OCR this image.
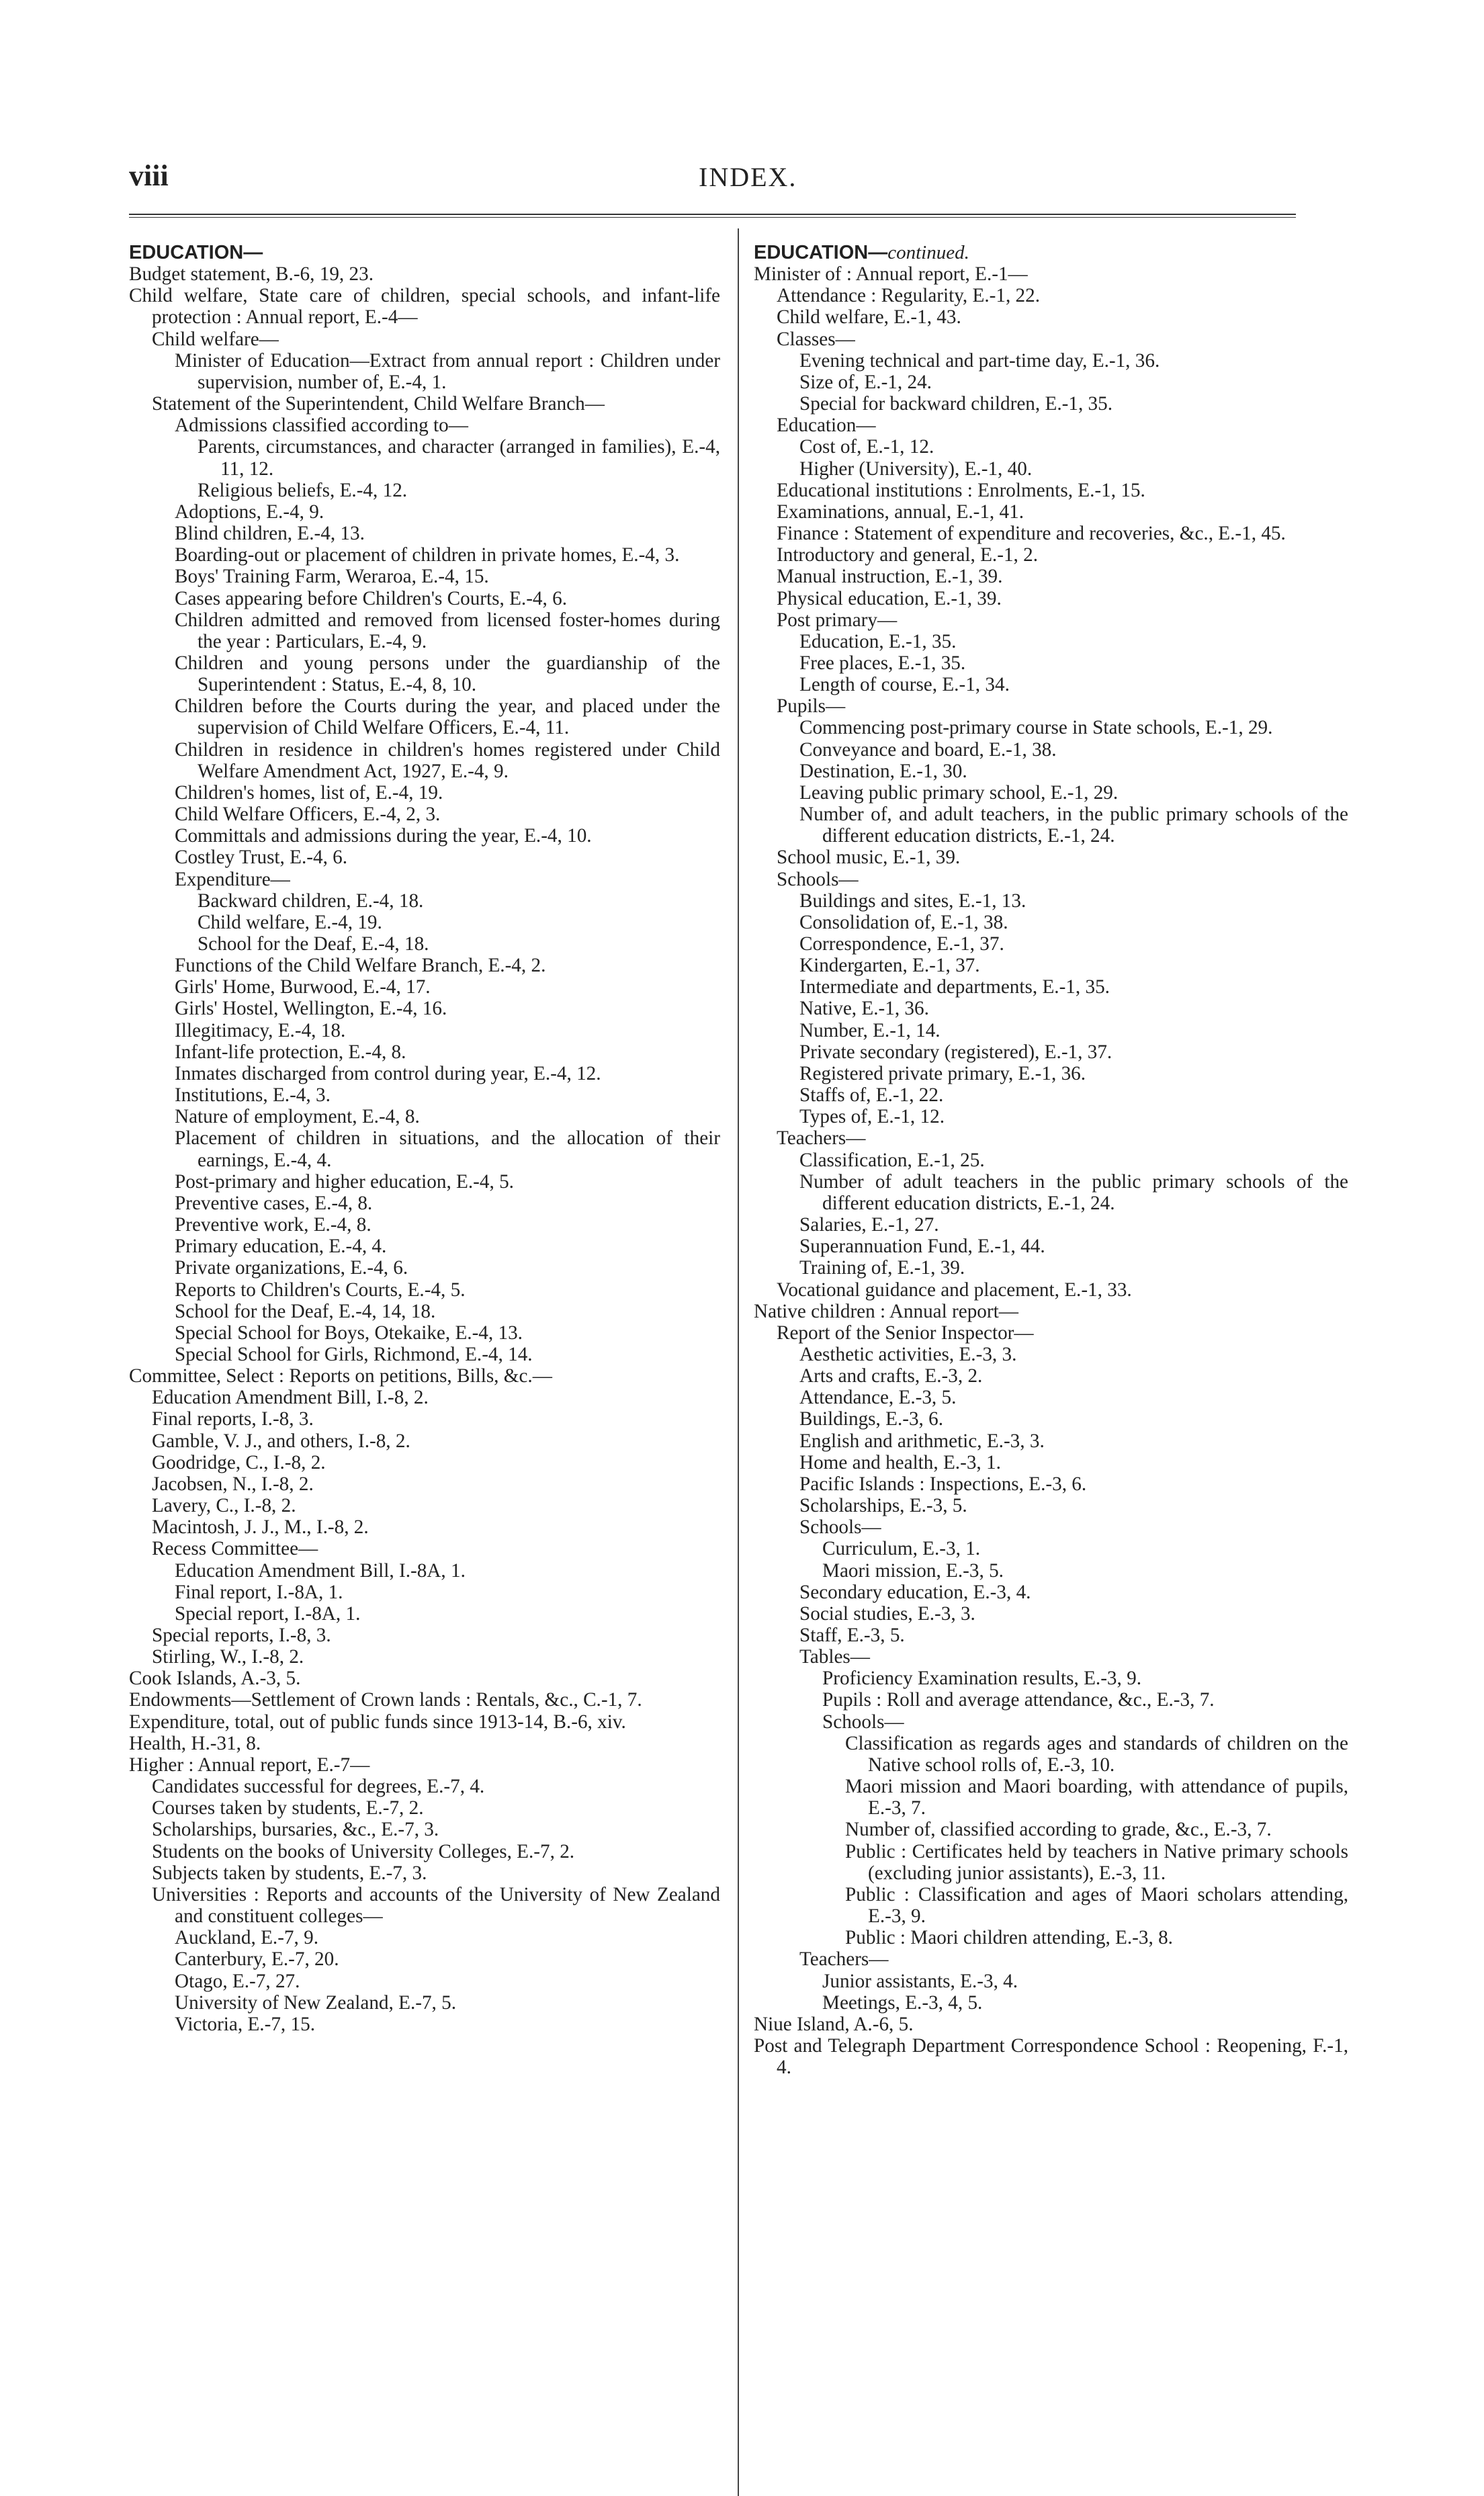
viii	INDEX.
EDUCATION—
Budget statement, B.-6, 19, 23.
Child welfare, State care of children, special schools, and infant-life protection : Annual report, E.-4—
Child welfare—
Minister of Education—Extract from annual report : Children under supervision, number of, E.-4, 1.
Statement of the Superintendent, Child Welfare Branch—
Admissions classified according to—
Parents, circumstances, and character (arranged in families), E.-4, 11, 12.
Religious beliefs, E.-4, 12.
Adoptions, E.-4, 9.
Blind children, E.-4, 13.
Boarding-out or placement of children in private homes, E.-4, 3.
Boys' Training Farm, Weraroa, E.-4, 15.
Cases appearing before Children's Courts, E.-4, 6.
Children admitted and removed from licensed foster-homes during the year : Particulars, E.-4, 9.
Children and young persons under the guardianship of the Superintendent : Status, E.-4, 8, 10.
Children before the Courts during the year, and placed under the supervision of Child Welfare Officers, E.-4, 11.
Children in residence in children's homes registered under Child Welfare Amendment Act, 1927, E.-4, 9.
Children's homes, list of, E.-4, 19.
Child Welfare Officers, E.-4, 2, 3.
Committals and admissions during the year, E.-4, 10.
Costley Trust, E.-4, 6.
Expenditure—
Backward children, E.-4, 18.
Child welfare, E.-4, 19.
School for the Deaf, E.-4, 18.
Functions of the Child Welfare Branch, E.-4, 2.
Girls' Home, Burwood, E.-4, 17.
Girls' Hostel, Wellington, E.-4, 16.
Illegitimacy, E.-4, 18.
Infant-life protection, E.-4, 8.
Inmates discharged from control during year, E.-4, 12.
Institutions, E.-4, 3.
Nature of employment, E.-4, 8.
Placement of children in situations, and the allocation of their earnings, E.-4, 4.
Post-primary and higher education, E.-4, 5.
Preventive cases, E.-4, 8.
Preventive work, E.-4, 8.
Primary education, E.-4, 4.
Private organizations, E.-4, 6.
Reports to Children's Courts, E.-4, 5.
School for the Deaf, E.-4, 14, 18.
Special School for Boys, Otekaike, E.-4, 13.
Special School for Girls, Richmond, E.-4, 14.
Committee, Select : Reports on petitions, Bills, &c.—
Education Amendment Bill, I.-8, 2.
Final reports, I.-8, 3.
Gamble, V. J., and others, I.-8, 2.
Goodridge, C., I.-8, 2.
Jacobsen, N., I.-8, 2.
Lavery, C., I.-8, 2.
Macintosh, J. J., M., I.-8, 2.
Recess Committee—
Education Amendment Bill, I.-8A, 1.
Final report, I.-8A, 1.
Special report, I.-8A, 1.
Special reports, I.-8, 3.
Stirling, W., I.-8, 2.
Cook Islands, A.-3, 5.
Endowments—Settlement of Crown lands : Rentals, &c., C.-1, 7.
Expenditure, total, out of public funds since 1913-14, B.-6, xiv.
Health, H.-31, 8.
Higher : Annual report, E.-7—
Candidates successful for degrees, E.-7, 4.
Courses taken by students, E.-7, 2.
Scholarships, bursaries, &c., E.-7, 3.
Students on the books of University Colleges, E.-7, 2.
Subjects taken by students, E.-7, 3.
Universities : Reports and accounts of the University of New Zealand and constituent colleges—
Auckland, E.-7, 9.
Canterbury, E.-7, 20.
Otago, E.-7, 27.
University of New Zealand, E.-7, 5.
Victoria, E.-7, 15.
EDUCATION—continued.
Minister of : Annual report, E.-1—
Attendance : Regularity, E.-1, 22.
Child welfare, E.-1, 43.
Classes—
Evening technical and part-time day, E.-1, 36.
Size of, E.-1, 24.
Special for backward children, E.-1, 35.
Education—
Cost of, E.-1, 12.
Higher (University), E.-1, 40.
Educational institutions : Enrolments, E.-1, 15.
Examinations, annual, E.-1, 41.
Finance : Statement of expenditure and recoveries, &c., E.-1, 45.
Introductory and general, E.-1, 2.
Manual instruction, E.-1, 39.
Physical education, E.-1, 39.
Post primary—
Education, E.-1, 35.
Free places, E.-1, 35.
Length of course, E.-1, 34.
Pupils—
Commencing post-primary course in State schools, E.-1, 29.
Conveyance and board, E.-1, 38.
Destination, E.-1, 30.
Leaving public primary school, E.-1, 29.
Number of, and adult teachers, in the public primary schools of the different education districts, E.-1, 24.
School music, E.-1, 39.
Schools—
Buildings and sites, E.-1, 13.
Consolidation of, E.-1, 38.
Correspondence, E.-1, 37.
Kindergarten, E.-1, 37.
Intermediate and departments, E.-1, 35.
Native, E.-1, 36.
Number, E.-1, 14.
Private secondary (registered), E.-1, 37.
Registered private primary, E.-1, 36.
Staffs of, E.-1, 22.
Types of, E.-1, 12.
Teachers—
Classification, E.-1, 25.
Number of adult teachers in the public primary schools of the different education districts, E.-1, 24.
Salaries, E.-1, 27.
Superannuation Fund, E.-1, 44.
Training of, E.-1, 39.
Vocational guidance and placement, E.-1, 33.
Native children : Annual report—
Report of the Senior Inspector—
Aesthetic activities, E.-3, 3.
Arts and crafts, E.-3, 2.
Attendance, E.-3, 5.
Buildings, E.-3, 6.
English and arithmetic, E.-3, 3.
Home and health, E.-3, 1.
Pacific Islands : Inspections, E.-3, 6.
Scholarships, E.-3, 5.
Schools—
Curriculum, E.-3, 1.
Maori mission, E.-3, 5.
Secondary education, E.-3, 4.
Social studies, E.-3, 3.
Staff, E.-3, 5.
Tables—
Proficiency Examination results, E.-3, 9.
Pupils : Roll and average attendance, &c., E.-3, 7.
Schools—
Classification as regards ages and standards of children on the Native school rolls of, E.-3, 10.
Maori mission and Maori boarding, with attendance of pupils, E.-3, 7.
Number of, classified according to grade, &c., E.-3, 7.
Public : Certificates held by teachers in Native primary schools (excluding junior assistants), E.-3, 11.
Public : Classification and ages of Maori scholars attending, E.-3, 9.
Public : Maori children attending, E.-3, 8.
Teachers—
Junior assistants, E.-3, 4.
Meetings, E.-3, 4, 5.
Niue Island, A.-6, 5.
Post and Telegraph Department Correspondence School : Reopening, F.-1, 4.
